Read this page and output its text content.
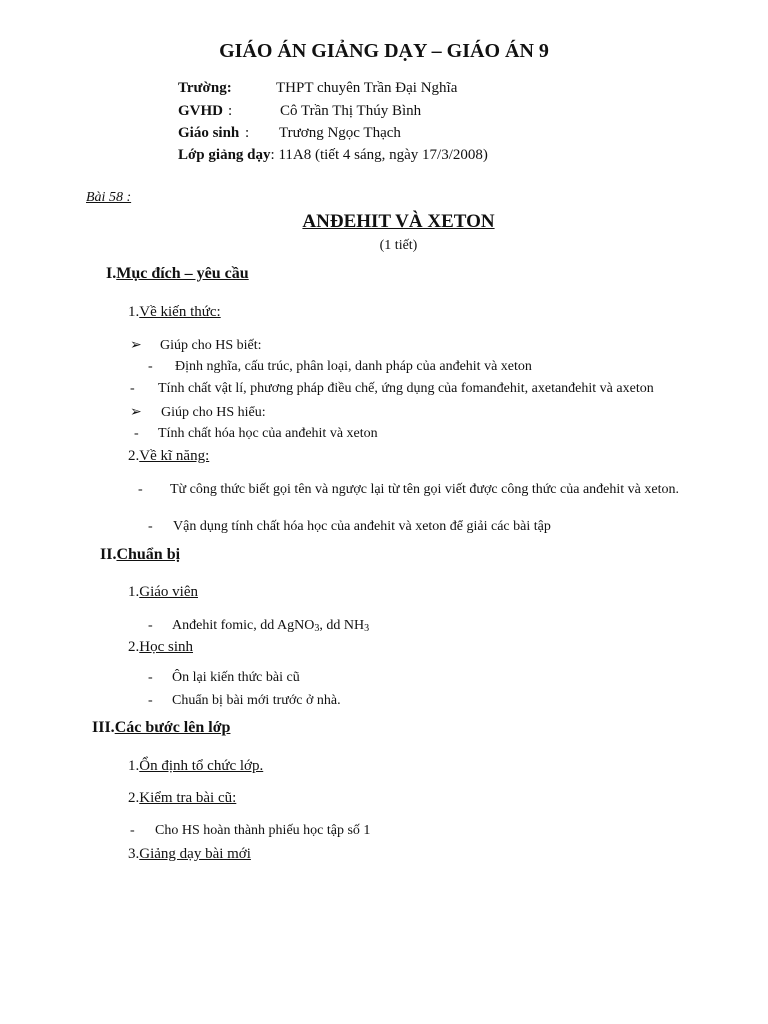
GIÁO ÁN GIẢNG DẠY – GIÁO ÁN 9
Trường:	THPT chuyên Trần Đại Nghĩa
GVHD :	Cô Trần Thị Thúy Bình
Giáo sinh : Trương Ngọc Thạch
Lớp giảng dạy: 11A8 (tiết 4 sáng, ngày 17/3/2008)
Bài 58 :
ANĐEHIT VÀ XETON
(1 tiết)
I.Mục đích – yêu cầu
1.Về kiến thức:
➢ Giúp cho HS biết:
- Định nghĩa, cấu trúc, phân loại, danh pháp của anđehit và xeton
- Tính chất vật lí, phương pháp điều chế, ứng dụng của fomanđehit, axetanđehit và axeton
➢ Giúp cho HS hiểu:
- Tính chất hóa học của anđehit và xeton
2.Về kĩ năng:
- Từ công thức biết gọi tên và ngược lại từ tên gọi viết được công thức của anđehit và xeton.
- Vận dụng tính chất hóa học của anđehit và xeton để giải các bài tập
II.Chuẩn bị
1.Giáo viên
- Anđehit fomic, dd AgNO$_3$, dd $NH_3$
2.Học sinh
- Ôn lại kiến thức bài cũ
- Chuẩn bị bài mới trước ở nhà.
III.Các bước lên lớp
1.Ổn định tổ chức lớp.
2.Kiểm tra bài cũ:
- Cho HS hoàn thành phiếu học tập số 1
3.Giảng dạy bài mới
